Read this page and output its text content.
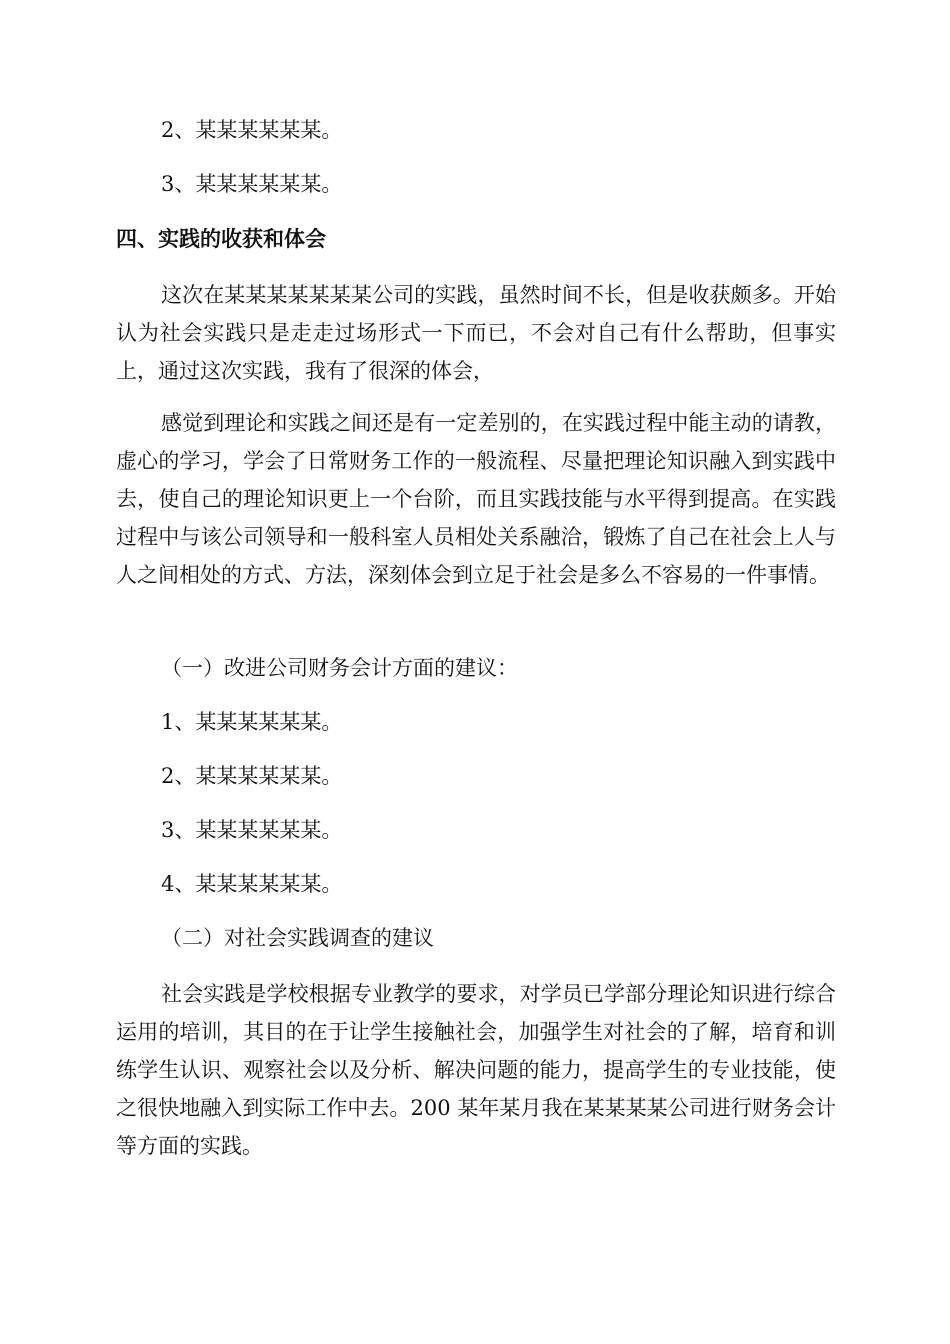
2、某某某某某某。
3、某某某某某某。
四、实践的收获和体会
这次在某某某某某某某公司的实践，虽然时间不长，但是收获颇多。开始认为社会实践只是走走过场形式一下而已，不会对自己有什么帮助，但事实上，通过这次实践，我有了很深的体会，
感觉到理论和实践之间还是有一定差别的，在实践过程中能主动的请教，虚心的学习，学会了日常财务工作的一般流程、尽量把理论知识融入到实践中去，使自己的理论知识更上一个台阶，而且实践技能与水平得到提高。在实践过程中与该公司领导和一般科室人员相处关系融洽，锻炼了自己在社会上人与人之间相处的方式、方法，深刻体会到立足于社会是多么不容易的一件事情。
（一）改进公司财务会计方面的建议：
1、某某某某某某。
2、某某某某某某。
3、某某某某某某。
4、某某某某某某。
（二）对社会实践调查的建议
社会实践是学校根据专业教学的要求，对学员已学部分理论知识进行综合运用的培训，其目的在于让学生接触社会，加强学生对社会的了解，培育和训练学生认识、观察社会以及分析、解决问题的能力，提高学生的专业技能，使之很快地融入到实际工作中去。200 某年某月我在某某某某公司进行财务会计等方面的实践。
